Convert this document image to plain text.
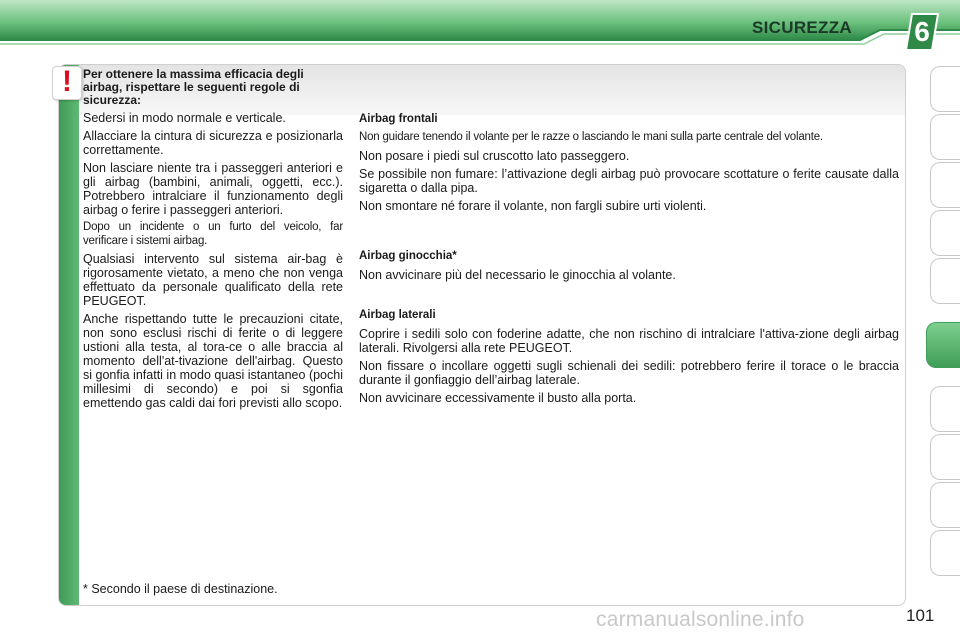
SICUREZZA	6
! Per ottenere la massima efficacia degli airbag, rispettare le seguenti regole di sicurezza:
Sedersi in modo normale e verticale.
Allacciare la cintura di sicurezza e posizionarla correttamente.
Non lasciare niente tra i passeggeri anteriori e gli airbag (bambini, animali, oggetti, ecc.). Potrebbero intralciare il funzionamento degli airbag o ferire i passeggeri anteriori.
Dopo un incidente o un furto del veicolo, far verificare i sistemi airbag.
Qualsiasi intervento sul sistema air-bag è rigorosamente vietato, a meno che non venga effettuato da personale qualificato della rete PEUGEOT.
Anche rispettando tutte le precauzioni citate, non sono esclusi rischi di ferite o di leggere ustioni alla testa, al tora-ce o alle braccia al momento dell'at-tivazione dell'airbag. Questo si gonfia infatti in modo quasi istantaneo (pochi millesimi di secondo) e poi si sgonfia emettendo gas caldi dai fori previsti allo scopo.
Airbag frontali
Non guidare tenendo il volante per le razze o lasciando le mani sulla parte centrale del volante.
Non posare i piedi sul cruscotto lato passeggero.
Se possibile non fumare: l’attivazione degli airbag può provocare scottature o ferite causate dalla sigaretta o dalla pipa.
Non smontare né forare il volante, non fargli subire urti violenti.
Airbag ginocchia*
Non avvicinare più del necessario le ginocchia al volante.
Airbag laterali
Coprire i sedili solo con foderine adatte, che non rischino di intralciare l'attiva-zione degli airbag laterali. Rivolgersi alla rete PEUGEOT.
Non fissare o incollare oggetti sugli schienali dei sedili: potrebbero ferire il torace o le braccia durante il gonfiaggio dell’airbag laterale.
Non avvicinare eccessivamente il busto alla porta.
* Secondo il paese di destinazione.
carmanualsonline.info	101
